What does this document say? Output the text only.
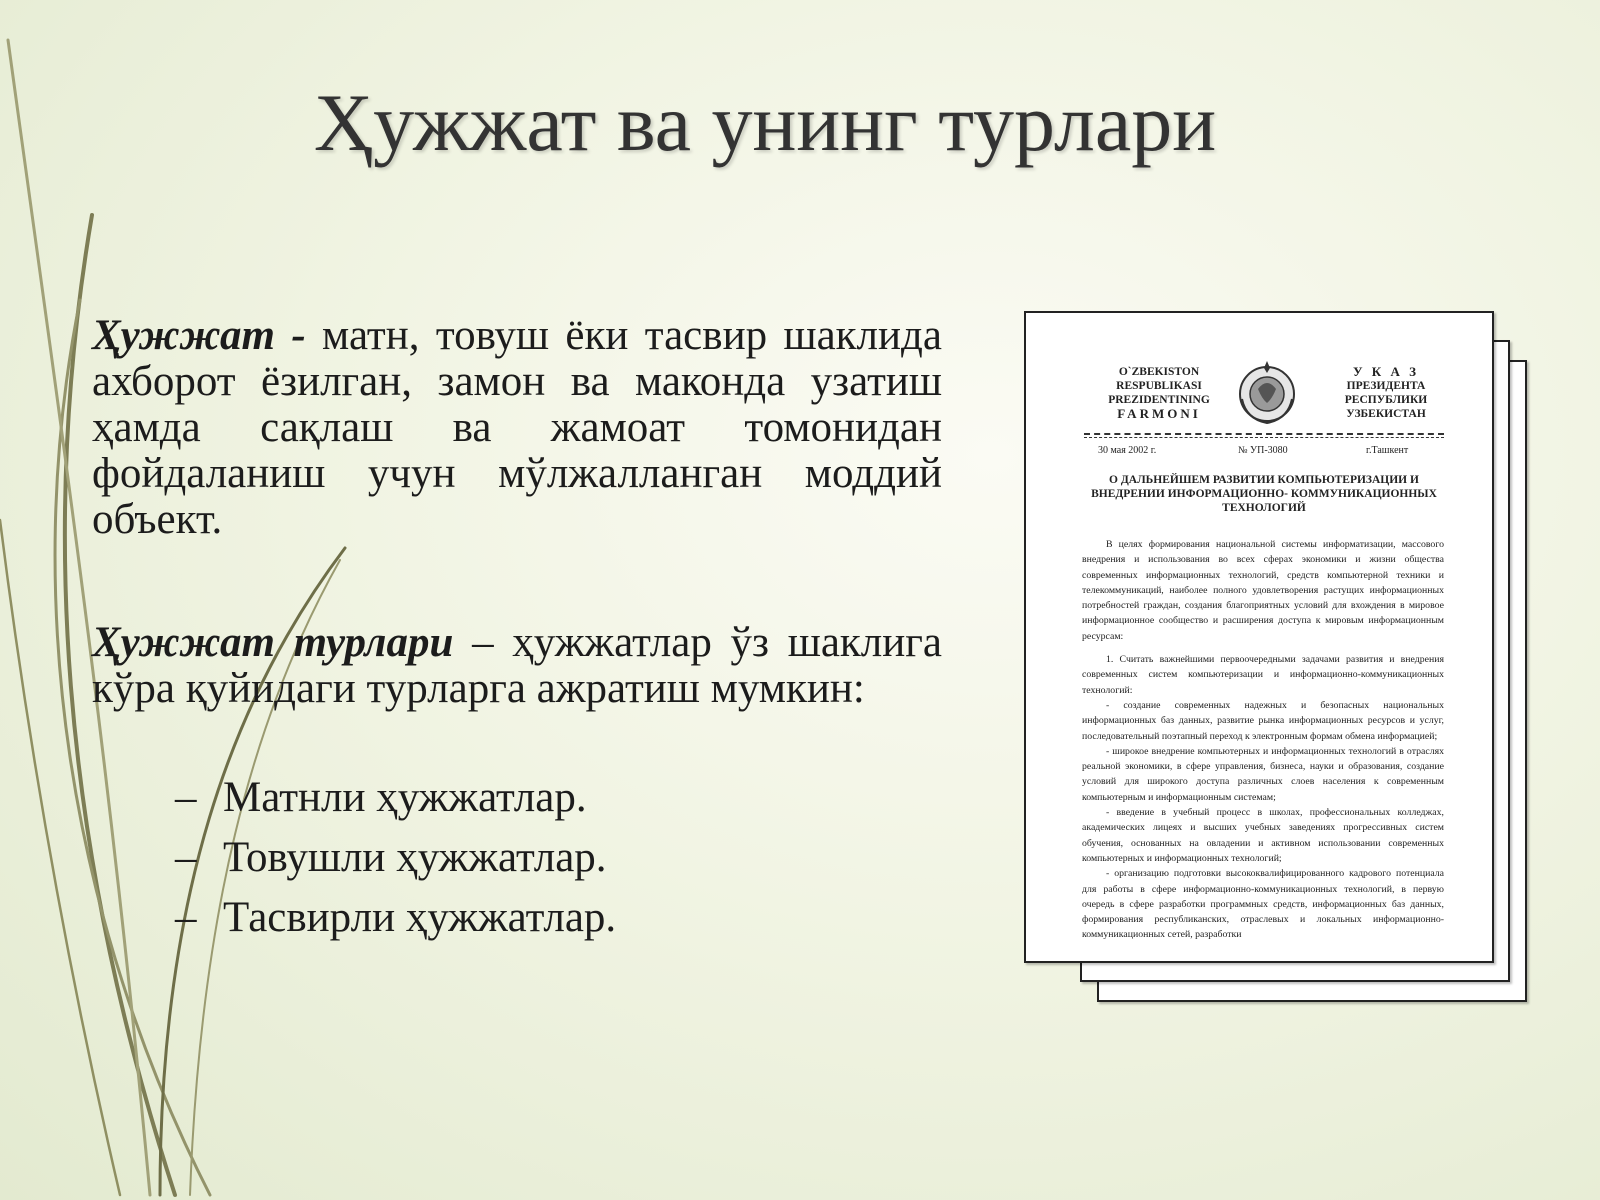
Ҳужжат ва унинг турлари

Ҳужжат - матн, товуш ёки тасвир шаклида ахборот ёзилган, замон ва маконда узатиш ҳамда сақлаш ва жамоат томонидан фойдаланиш учун мўлжалланган моддий объект.

Ҳужжат турлари – ҳужжатлар ўз шаклига кўра қуйидаги турларга ажратиш мумкин:

– Матнли ҳужжатлар.
– Товушли ҳужжатлар.
– Тасвирли ҳужжатлар.
O`ZBEKISTON
RESPUBLIKASI
PREZIDENTINING
FARMONI
У К А З
ПРЕЗИДЕНТА
РЕСПУБЛИКИ
УЗБЕКИСТАН
30 мая 2002 г.	№ УП-3080	г.Ташкент
О ДАЛЬНЕЙШЕМ РАЗВИТИИ КОМПЬЮТЕРИЗАЦИИ И ВНЕДРЕНИИ ИНФОРМАЦИОННО- КОММУНИКАЦИОННЫХ ТЕХНОЛОГИЙ

В целях формирования национальной системы информатизации, массового внедрения и использования во всех сферах экономики и жизни общества современных информационных технологий, средств компьютерной техники и телекоммуникаций, наиболее полного удовлетворения растущих информационных потребностей граждан, создания благоприятных условий для вхождения в мировое информационное сообщество и расширения доступа к мировым информационным ресурсам:

1. Считать важнейшими первоочередными задачами развития и внедрения современных систем компьютеризации и информационно-коммуникационных технологий:

- создание современных надежных и безопасных национальных информационных баз данных, развитие рынка информационных ресурсов и услуг, последовательный поэтапный переход к электронным формам обмена информацией;

- широкое внедрение компьютерных и информационных технологий в отраслях реальной экономики, в сфере управления, бизнеса, науки и образования, создание условий для широкого доступа различных слоев населения к современным компьютерным и информационным системам;

- введение в учебный процесс в школах, профессиональных колледжах, академических лицеях и высших учебных заведениях прогрессивных систем обучения, основанных на овладении и активном использовании современных компьютерных и информационных технологий;

- организацию подготовки высококвалифицированного кадрового потенциала для работы в сфере информационно-коммуникационных технологий, в первую очередь в сфере разработки программных средств, информационных баз данных, формирования республиканских, отраслевых и локальных информационно-коммуникационных сетей, разработки
